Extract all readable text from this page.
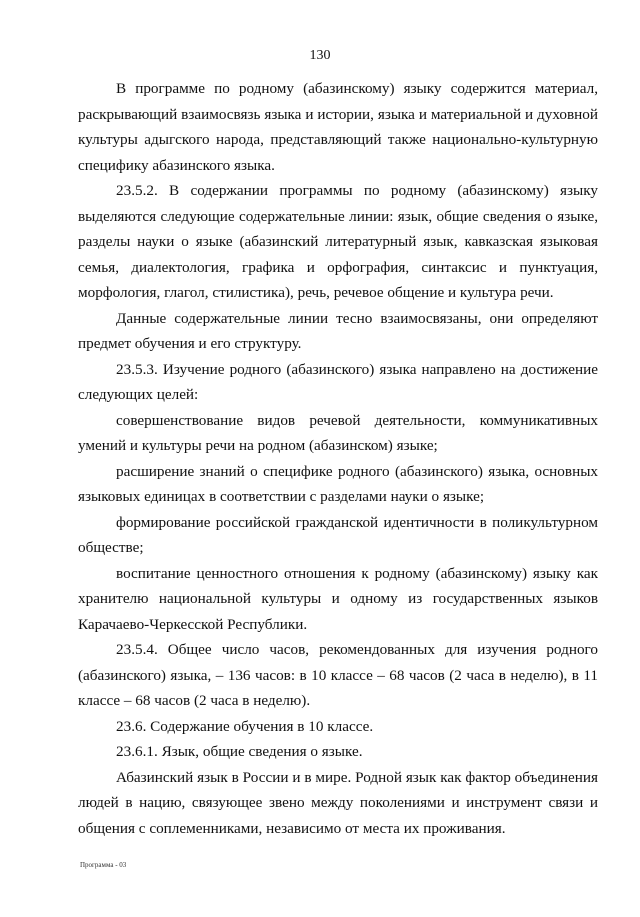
130

В программе по родному (абазинскому) языку содержится материал, раскрывающий взаимосвязь языка и истории, языка и материальной и духовной культуры адыгского народа, представляющий также национально-культурную специфику абазинского языка.

23.5.2. В содержании программы по родному (абазинскому) языку выделяются следующие содержательные линии: язык, общие сведения о языке, разделы науки о языке (абазинский литературный язык, кавказская языковая семья, диалектология, графика и орфография, синтаксис и пунктуация, морфология, глагол, стилистика), речь, речевое общение и культура речи.

Данные содержательные линии тесно взаимосвязаны, они определяют предмет обучения и его структуру.

23.5.3. Изучение родного (абазинского) языка направлено на достижение следующих целей:

совершенствование видов речевой деятельности, коммуникативных умений и культуры речи на родном (абазинском) языке;

расширение знаний о специфике родного (абазинского) языка, основных языковых единицах в соответствии с разделами науки о языке;

формирование российской гражданской идентичности в поликультурном обществе;

воспитание ценностного отношения к родному (абазинскому) языку как хранителю национальной культуры и одному из государственных языков Карачаево-Черкесской Республики.

23.5.4. Общее число часов, рекомендованных для изучения родного (абазинского) языка, – 136 часов: в 10 классе – 68 часов (2 часа в неделю), в 11 классе – 68 часов (2 часа в неделю).

23.6. Содержание обучения в 10 классе.

23.6.1. Язык, общие сведения о языке.

Абазинский язык в России и в мире. Родной язык как фактор объединения людей в нацию, связующее звено между поколениями и инструмент связи и общения с соплеменниками, независимо от места их проживания.

Программа - 03
